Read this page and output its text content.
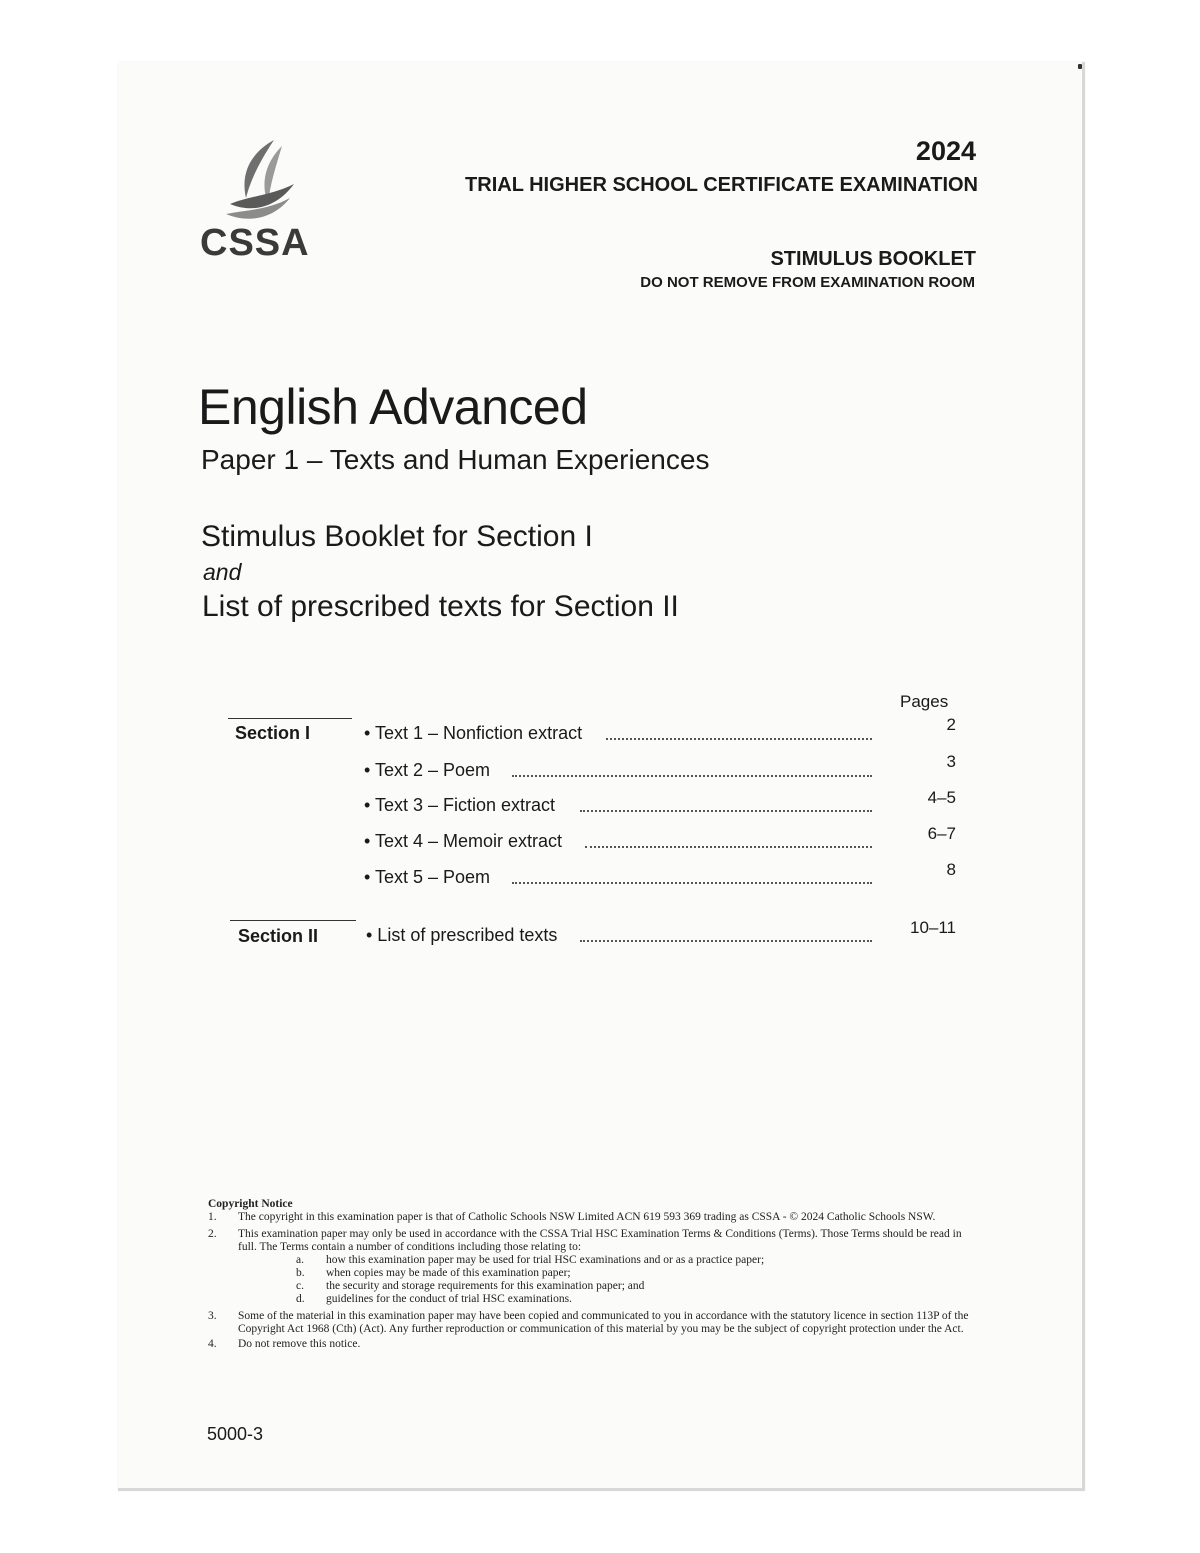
CSSA
2024
TRIAL HIGHER SCHOOL CERTIFICATE EXAMINATION
STIMULUS BOOKLET
DO NOT REMOVE FROM EXAMINATION ROOM
English Advanced
Paper 1 – Texts and Human Experiences
Stimulus Booklet for Section I
and
List of prescribed texts for Section II
Pages
Section I	• Text 1 – Nonfiction extract	2
• Text 2 – Poem	3
• Text 3 – Fiction extract	4–5
• Text 4 – Memoir extract	6–7
• Text 5 – Poem	8
Section II	• List of prescribed texts	10–11
Copyright Notice
1. The copyright in this examination paper is that of Catholic Schools NSW Limited ACN 619 593 369 trading as CSSA - © 2024 Catholic Schools NSW.
2. This examination paper may only be used in accordance with the CSSA Trial HSC Examination Terms & Conditions (Terms). Those Terms should be read in full. The Terms contain a number of conditions including those relating to:
a. how this examination paper may be used for trial HSC examinations and or as a practice paper;
b. when copies may be made of this examination paper;
c. the security and storage requirements for this examination paper; and
d. guidelines for the conduct of trial HSC examinations.
3. Some of the material in this examination paper may have been copied and communicated to you in accordance with the statutory licence in section 113P of the Copyright Act 1968 (Cth) (Act). Any further reproduction or communication of this material by you may be the subject of copyright protection under the Act.
4. Do not remove this notice.
5000-3
